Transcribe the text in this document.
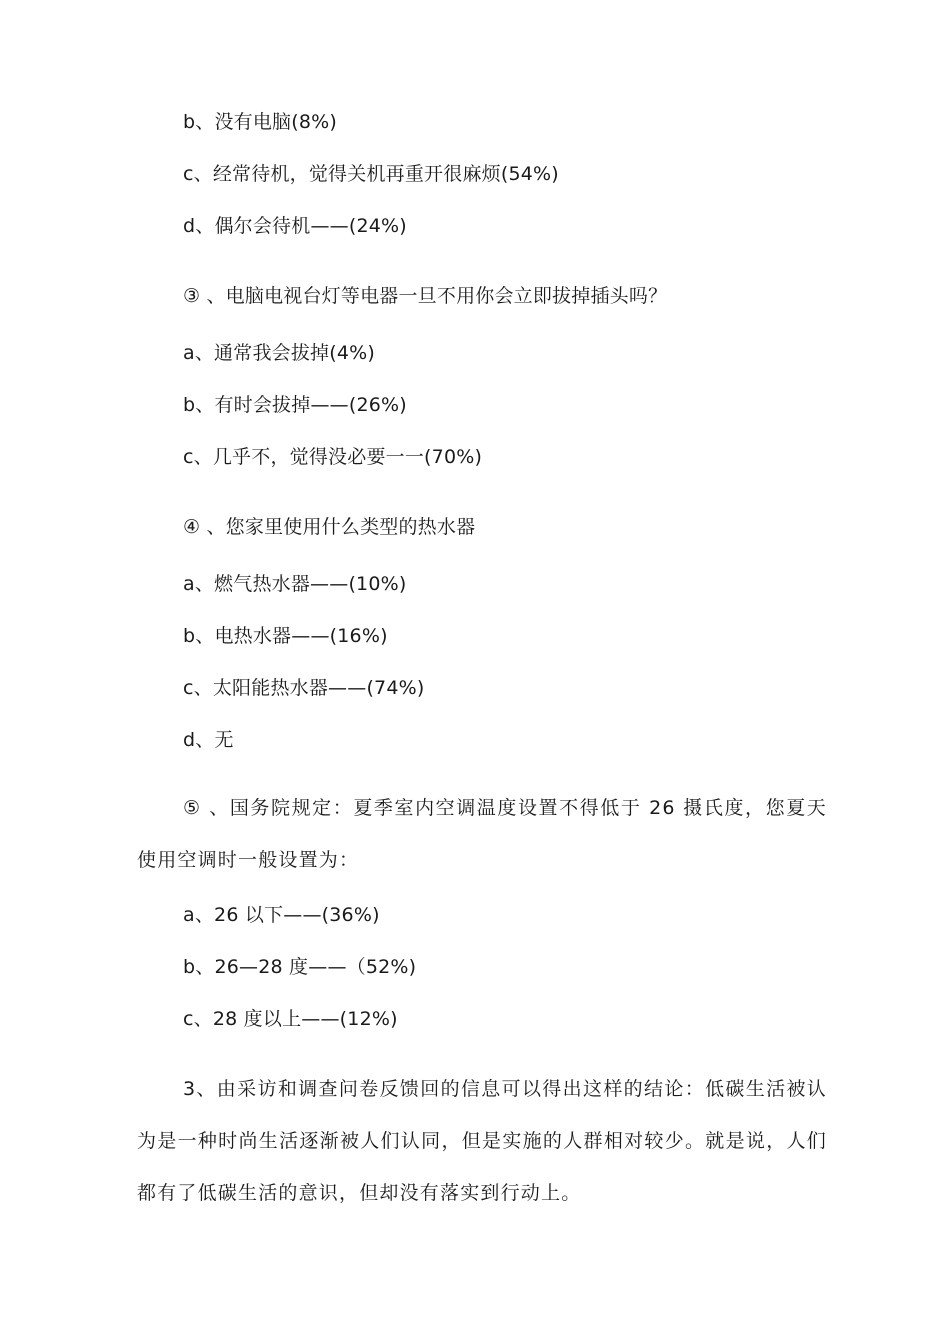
b、没有电脑(8%)
c、经常待机，觉得关机再重开很麻烦(54%)
d、偶尔会待机——(24%)
③ 、电脑电视台灯等电器一旦不用你会立即拔掉插头吗？
a、通常我会拔掉(4%)
b、有时会拔掉——(26%)
c、几乎不，觉得没必要一一(70%)
④ 、您家里使用什么类型的热水器
a、燃气热水器——(10%)
b、电热水器——(16%)
c、太阳能热水器——(74%)
d、无
⑤ 、国务院规定：夏季室内空调温度设置不得低于 26 摄氏度，您夏天使用空调时一般设置为：
a、26 以下——(36%)
b、26—28 度——（52%)
c、28 度以上——(12%)
3、由采访和调查问卷反馈回的信息可以得出这样的结论：低碳生活被认为是一种时尚生活逐渐被人们认同，但是实施的人群相对较少。就是说，人们都有了低碳生活的意识，但却没有落实到行动上。
